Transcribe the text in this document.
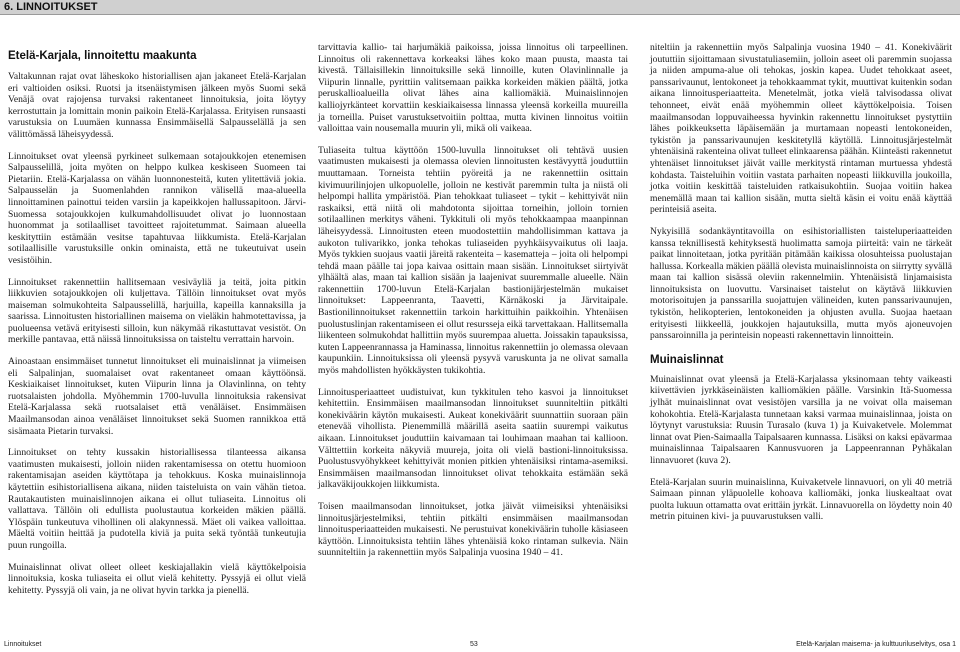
6. LINNOITUKSET
Etelä-Karjala, linnoitettu maakunta

Valtakunnan rajat ovat läheskoko historiallisen ajan jakaneet Etelä-Karjalan eri valtioiden osiksi. Ruotsi ja itsenäistymisen jälkeen myös Suomi sekä Venäjä ovat rajojensa turvaksi rakentaneet linnoituksia, joita löytyy kerrostuttain ja lomittain monin paikoin Etelä-Karjalassa. Erityisen runsaasti varustuksia on Luumäen kunnassa Ensimmäisellä Salpausselällä ja sen välittömässä läheisyydessä.

Linnoitukset ovat yleensä pyrkineet sulkemaan sotajoukkojen etenemisen Salpausselillä, joita myöten on helppo kulkea keskiseen Suomeen tai Pietariin. Etelä-Karjalassa on vähän luonnonesteitä, kuten ylitettäviä jokia. Salpausselän ja Suomenlahden rannikon välisellä maa-alueella linnoittaminen painottui teiden varsiin ja kapeikkojen hallussapitoon. Järvi-Suomessa sotajoukkojen kulkumahdollisuudet olivat jo luonnostaan huonommat ja sotilaalliset tavoitteet rajoitetummat. Saimaan alueella keskityttiin estämään vesitse tapahtuvaa liikkumista. Etelä-Karjalan sotilaallisille varustuksille onkin ominaista, että ne tukeutuivat usein vesistöihin.

Linnoitukset rakennettiin hallitsemaan vesiväyliä ja teitä, joita pitkin liikkuvien sotajoukkojen oli kuljettava. Tällöin linnoitukset ovat myös maiseman solmukohteita Salpausselillä, harjuilla, kapeilla kannaksilla ja saarissa. Linnoitusten historiallinen maisema on vieläkin hahmotettavissa, ja puolueensa vetävä erityisesti silloin, kun näkymää rikastuttavat vesistöt. On merkille pantavaa, että näissä linnoituksissa on taisteltu verrattain harvoin.

Ainoastaan ensimmäiset tunnetut linnoitukset eli muinaislinnat ja viimeisen eli Salpalinjan, suomalaiset ovat rakentaneet omaan käyttöönsä. Keskiaikaiset linnoitukset, kuten Viipurin linna ja Olavinlinna, on tehty ruotsalaisten johdolla. Myöhemmin 1700-luvulla linnoituksia rakensivat Etelä-Karjalassa sekä ruotsalaiset että venäläiset. Ensimmäisen Maailmansodan ainoa venäläiset linnoitukset sekä Suomen rannikkoa että sisämaata Pietarin turvaksi.

Linnoitukset on tehty kussakin historiallisessa tilanteessa aikansa vaatimusten mukaisesti, jolloin niiden rakentamisessa on otettu huomioon rakentamisajan aseiden käyttötapa ja tehokkuus. Koska muinaislinnoja käytettiin esihistoriallisena aikana, niiden taisteluista on vain vähän tietoa. Rautakautisten muinaislinnojen aikana ei ollut tuliaseita. Linnoitus oli vallattava. Tällöin oli edullista puolustautua korkeiden mäkien päällä. Ylöspäin tunkeutuva vihollinen oli alakynnessä. Mäet oli vaikea valloittaa. Mäeltä voitiin heittää ja pudotella kiviä ja puita sekä työntää tunkeutujia puun rungoilla.

Muinaislinnat olivat olleet olleet keskiajallakin vielä käyttökelpoisia linnoituksia, koska tuliaseita ei ollut vielä kehitetty. Pyssyjä ei ollut vielä kehitetty. Pyssyjä oli vain, ja ne olivat hyvin tarkka ja pienellä.

tarvittavia kallio- tai harjumäkiä paikoissa, joissa linnoitus oli tarpeellinen. Linnoitus oli rakennettava korkeaksi lähes koko maan puusta, maasta tai kivestä. Tällaisillekin linnoituksille sekä linnoille, kuten Olavinlinnalle ja Viipurin linnalle, pyrittiin valitsemaan paikka korkeiden mäkien päältä, jotka peruskallioalueilla olivat lähes aina kalliomäkiä. Muinaislinnojen kalliojyrkänteet korvattiin keskiaikaisessa linnassa yleensä korkeilla muureilla ja torneilla. Puiset varustuksetvoitiin polttaa, mutta kivinen linnoitus voitiin valloittaa vain nousemalla muurin yli, mikä oli vaikeaa.

Tuliaseita tultua käyttöön 1500-luvulla linnoitukset oli tehtävä uusien vaatimusten mukaisesti ja olemassa olevien linnoitusten kestävyyttä jouduttiin muuttamaan. Torneista tehtiin pyöreitä ja ne rakennettiin osittain kivimuurilinjojen ulkopuolelle, jolloin ne kestivät paremmin tulta ja niistä oli helpompi hallita ympäristöä. Pian tehokkaat tuliaseet – tykit – kehittyivät niin raskaiksi, että niitä oli mahdotonta sijoittaa torneihin, jolloin tornien sotilaallinen merkitys väheni. Tykkituli oli myös tehokkaampaa maanpinnan läheisyydessä. Linnoitusten eteen muodostettiin mahdollisimman kattava ja aukoton tulivarikko, jonka tehokas tuliaseiden pyyhkäisyvaikutus oli laaja. Myös tykkien suojaus vaatii järeitä rakenteita – kasematteja – joita oli helpompi tehdä maan päälle tai jopa kaivaa osittain maan sisään. Linnoitukset siirtyivät ylhäältä alas, maan tai kallion sisään ja laajenivat suuremmalle alueelle. Näin rakennettiin 1700-luvun Etelä-Karjalan bastionijärjestelmän mukaiset linnoitukset: Lappeenranta, Taavetti, Kärnäkoski ja Järvitaipale. Bastionilinnoitukset rakennettiin tarkoin harkittuihin paikkoihin. Yhtenäisen puolustuslinjan rakentamiseen ei ollut resursseja eikä tarvettakaan. Hallitsemalla liikenteen solmukohdat hallittiin myös suurempaa aluetta. Joissakin tapauksissa, kuten Lappeenrannassa ja Haminassa, linnoitus rakennettiin jo olemassa olevaan kaupunkiin. Linnoituksissa oli yleensä pysyvä varuskunta ja ne olivat samalla myös mahdollisten hyökkäysten tukikohtia.

Linnoitusperiaatteet uudistuivat, kun tykkitulen teho kasvoi ja linnoitukset kehitettiin. Ensimmäisen maailmansodan linnoitukset suunniteltiin pitkälti konekiväärin käytön mukaisesti. Aukeat konekiväärit suunnattiin suoraan päin etenevää vihollista. Pienemmillä määrillä aseita saatiin suurempi vaikutus aikaan. Linnoitukset jouduttiin kaivamaan tai louhimaan maahan tai kallioon. Välttettiin korkeita näkyviä muureja, joita oli vielä bastioni-linnoituksissa. Puolustusvyöhykkeet kehittyivät monien pitkien yhtenäisiksi rintama-asemiksi. Ensimmäisen maailmansodan linnoitukset olivat tehokkaita estämään sekä jalkaväkijoukkojen liikkumista.

Toisen maailmansodan linnoitukset, jotka jäivät viimeisiksi yhtenäisiksi linnoitusjärjestelmiksi, tehtiin pitkälti ensimmäisen maailmansodan linnoitusperiaatteiden mukaisesti. Ne perustuivat konekiväärin tuholle käsiaseen käyttöön. Linnoituksista tehtiin lähes yhtenäisiä koko rintaman sulkevia. Näin suunniteltiin ja rakennettiin myös Salpalinja vuosina 1940 – 41.

niteltiin ja rakennettiin myös Salpalinja vuosina 1940 – 41. Konekiväärit joututtiin sijoittamaan sivustatuliasemiin, jolloin aseet oli paremmin suojassa ja niiden ampuma-alue oli tehokas, joskin kapea. Uudet tehokkaat aseet, panssarivaunut, lentokoneet ja tehokkaammat tykit, muuttivat kuitenkin sodan aikana linnoitusperiaatteita. Menetelmät, jotka vielä talvisodassa olivat tehonneet, eivät enää myöhemmin olleet käyttökelpoisia. Toisen maailmansodan loppuvaiheessa hyvinkin rakennettu linnoitukset pystyttiin lähes poikkeuksetta läpäisemään ja murtamaan nopeasti lentokoneiden, tykistön ja panssarivaunujen keskitetyllä käytöllä. Linnoitusjärjestelmät yhtenäisinä rakenteina olivat tulleet elinkaarensa päähän. Kiinteästi rakennetut yhtenäiset linnoitukset jäivät vaille merkitystä rintaman murtuessa yhdestä kohdasta. Taisteluihin voitiin vastata parhaiten nopeasti liikkuvilla joukoilla, jotka voitiin keskittää taisteluiden ratkaisukohtiin. Suojaa voitiin hakea menemällä maan tai kallion sisään, mutta sieltä käsin ei voitu enää käyttää perinteisiä aseita.

Nykyisillä sodankäyntitavoilla on esihistoriallisten taisteluperiaatteiden kanssa teknillisestä kehityksestä huolimatta samoja piirteitä: vain ne tärkeät paikat linnoitetaan, jotka pyritään pitämään kaikissa olosuhteissa puolustajan hallussa. Korkealla mäkien päällä olevista muinaislinnoista on siirrytty syvällä maan tai kallion sisässä oleviin rakennelmiin. Yhtenäisistä linjamaisista linnoituksista on luovuttu. Varsinaiset taistelut on käytävä liikkuvien motorisoitujen ja panssarilla suojattujen välineiden, kuten panssarivaunujen, tykistön, helikopterien, lentokoneiden ja ohjusten avulla. Suojaa haetaan erityisesti liikkeellä, joukkojen hajautuksilla, mutta myös ajoneuvojen panssaroinnilla ja perinteisin nopeasti rakennettavin linnoittein.

Muinaislinnat

Muinaislinnat ovat yleensä ja Etelä-Karjalassa yksinomaan tehty vaikeasti kiivettävien jyrkkäseinäisten kalliomäkien päälle. Varsinkin Itä-Suomessa jylhät muinaislinnat ovat vesistöjen varsilla ja ne voivat olla maiseman kohokohtia. Etelä-Karjalasta tunnetaan kaksi varmaa muinaislinnaa, joista on löytynyt varustuksia: Ruusin Turasalo (kuva 1) ja Kuivaketvele. Molemmat linnat ovat Pien-Saimaalla Taipalsaaren kunnassa. Lisäksi on kaksi epävarmaa muinaislinnaa Taipalsaaren Kannusvuoren ja Lappeenrannan Pyhäkalan linnavuoret (kuva 2).

Etelä-Karjalan suurin muinaislinna, Kuivaketvele linnavuori, on yli 40 metriä Saimaan pinnan yläpuolelle kohoava kalliomäki, jonka liuskealtaat ovat puolta lukuun ottamatta ovat erittäin jyrkät. Linnavuorella on löydetty noin 40 metrin pituinen kivi- ja puuvarustuksen valli.

Linnoitukset	53	Etelä-Karjalan maisema- ja kulttuuriluselvitys, osa 1
